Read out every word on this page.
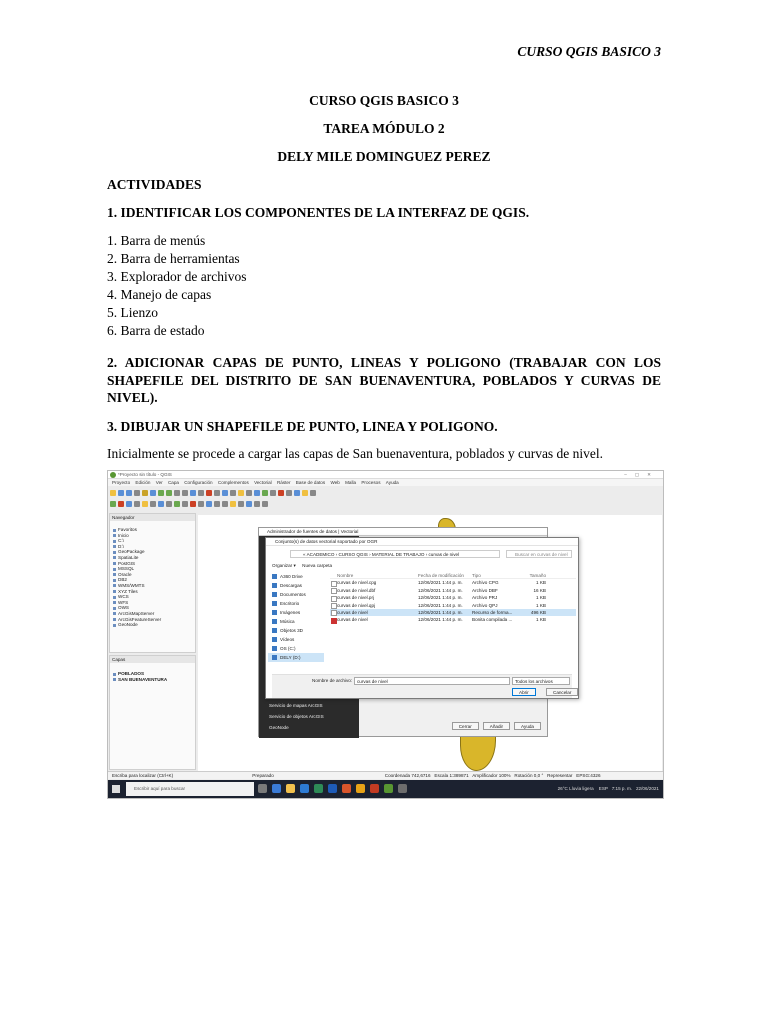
CURSO QGIS BASICO 3
CURSO QGIS BASICO 3
TAREA MÓDULO 2
DELY MILE DOMINGUEZ PEREZ
ACTIVIDADES
1. IDENTIFICAR LOS COMPONENTES DE LA INTERFAZ DE QGIS.
1. Barra de menús
2. Barra de herramientas
3. Explorador de archivos
4. Manejo de capas
5. Lienzo
6. Barra de estado
2. ADICIONAR CAPAS DE PUNTO, LINEAS Y POLIGONO (TRABAJAR CON LOS SHAPEFILE DEL DISTRITO DE SAN BUENAVENTURA, POBLADOS Y CURVAS DE NIVEL).
3. DIBUJAR UN SHAPEFILE DE PUNTO, LINEA Y POLIGONO.
Inicialmente se procede a cargar las capas de San buenaventura, poblados y curvas de nivel.
*Proyecto sin título - QGIS	–▢✕
Proyecto Edición Ver Capa Configuración Complementos Vectorial Ráster Base de datos Web Malla Procesos Ayuda
Navegador
Favoritos
Inicio
C:\
D:\
GeoPackage
SpatiaLite
PostGIS
MSSQL
Oracle
DB2
WMS/WMTS
XYZ Tiles
WCS
WFS
OWS
ArcGisMapServer
ArcGisFeatureServer
GeoNode
Capas
POBLADOS
SAN BUENAVENTURA
Administrador de fuentes de datos | Vectorial
Servicio de mapas ArcGIS
Servicio de objetos ArcGIS
GeoNode	Cerrar	Añadir	Ayuda
Conjunto(s) de datos vectorial soportado por OGR
« ACADEMICO › CURSO QGIS › MATERIAL DE TRABAJO › curvas de nivel	Buscar en curvas de nivel
Organizar ▾ Nueva carpeta
A360 Drive
Descargas
Documentos
Escritorio
Imágenes
Música
Objetos 3D
Vídeos
OS (C:)
DELY (D:)
Nombre	Fecha de modificación	Tipo	Tamaño
curvas de nivel.cpg	12/06/2021 1:44 p. m.	Archivo CPG	1 KB
curvas de nivel.dbf	12/06/2021 1:44 p. m.	Archivo DBF	16 KB
curvas de nivel.prj	12/06/2021 1:44 p. m.	Archivo PRJ	1 KB
curvas de nivel.qpj	12/06/2021 1:44 p. m.	Archivo QPJ	1 KB
curvas de nivel	12/06/2021 1:44 p. m.	Recurso de forma...	496 KB
curvas de nivel	12/06/2021 1:44 p. m.	Bonita compilada ...	1 KB
Nombre de archivo:	curvas de nivel	Todos los archivos
Abrir	Cancelar
Escriba para localizar (Ctrl+K)	Preparado	Coordenada 742,6716 Escala 1:389871 Amplificador 100% Rotación 0,0 ° Representar EPSG:4326
Escribir aquí para buscar	26°C Lluvia ligera ESP 7:15 p. m. 22/06/2021
